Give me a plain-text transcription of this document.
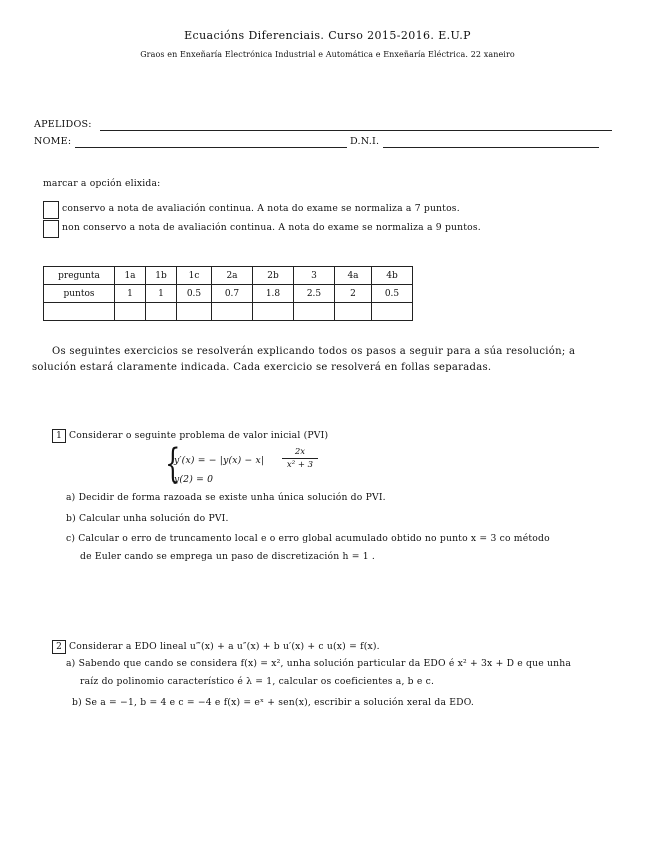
Ecuacións Diferenciais. Curso 2015-2016. E.U.P
Graos en Enxeñaría Electrónica Industrial e Automática e Enxeñaría Eléctrica. 22 xaneiro
APELIDOS:
NOME:	D.N.I.
marcar a opción elixida:
conservo a nota de avaliación continua. A nota do exame se normaliza a 7 puntos.
non conservo a nota de avaliación continua. A nota do exame se normaliza a 9 puntos.
pregunta	1a	1b	1c	2a	2b	3	4a	4b
puntos	1	1	0.5	0.7	1.8	2.5	2	0.5

Os seguintes exercicios se resolverán explicando todos os pasos a seguir para a súa resolución; a
solución estará claramente indicada. Cada exercicio se resolverá en follas separadas.
1 Considerar o seguinte problema de valor inicial (PVI)
{
y′(x) = − |y(x) − x|
2x
x² + 3
y(2) = 0
a) Decidir de forma razoada se existe unha única solución do PVI.
b) Calcular unha solución do PVI.
c) Calcular o erro de truncamento local e o erro global acumulado obtido no punto x = 3 co método
de Euler cando se emprega un paso de discretización h = 1 .
2 Considerar a EDO lineal u‴(x) + a u″(x) + b u′(x) + c u(x) = f(x).
a) Sabendo que cando se considera f(x) = x², unha solución particular da EDO é x² + 3x + D e que unha
raíz do polinomio característico é λ = 1, calcular os coeficientes a, b e c.
b) Se a = −1, b = 4 e c = −4 e f(x) = eˣ + sen(x), escribir a solución xeral da EDO.
